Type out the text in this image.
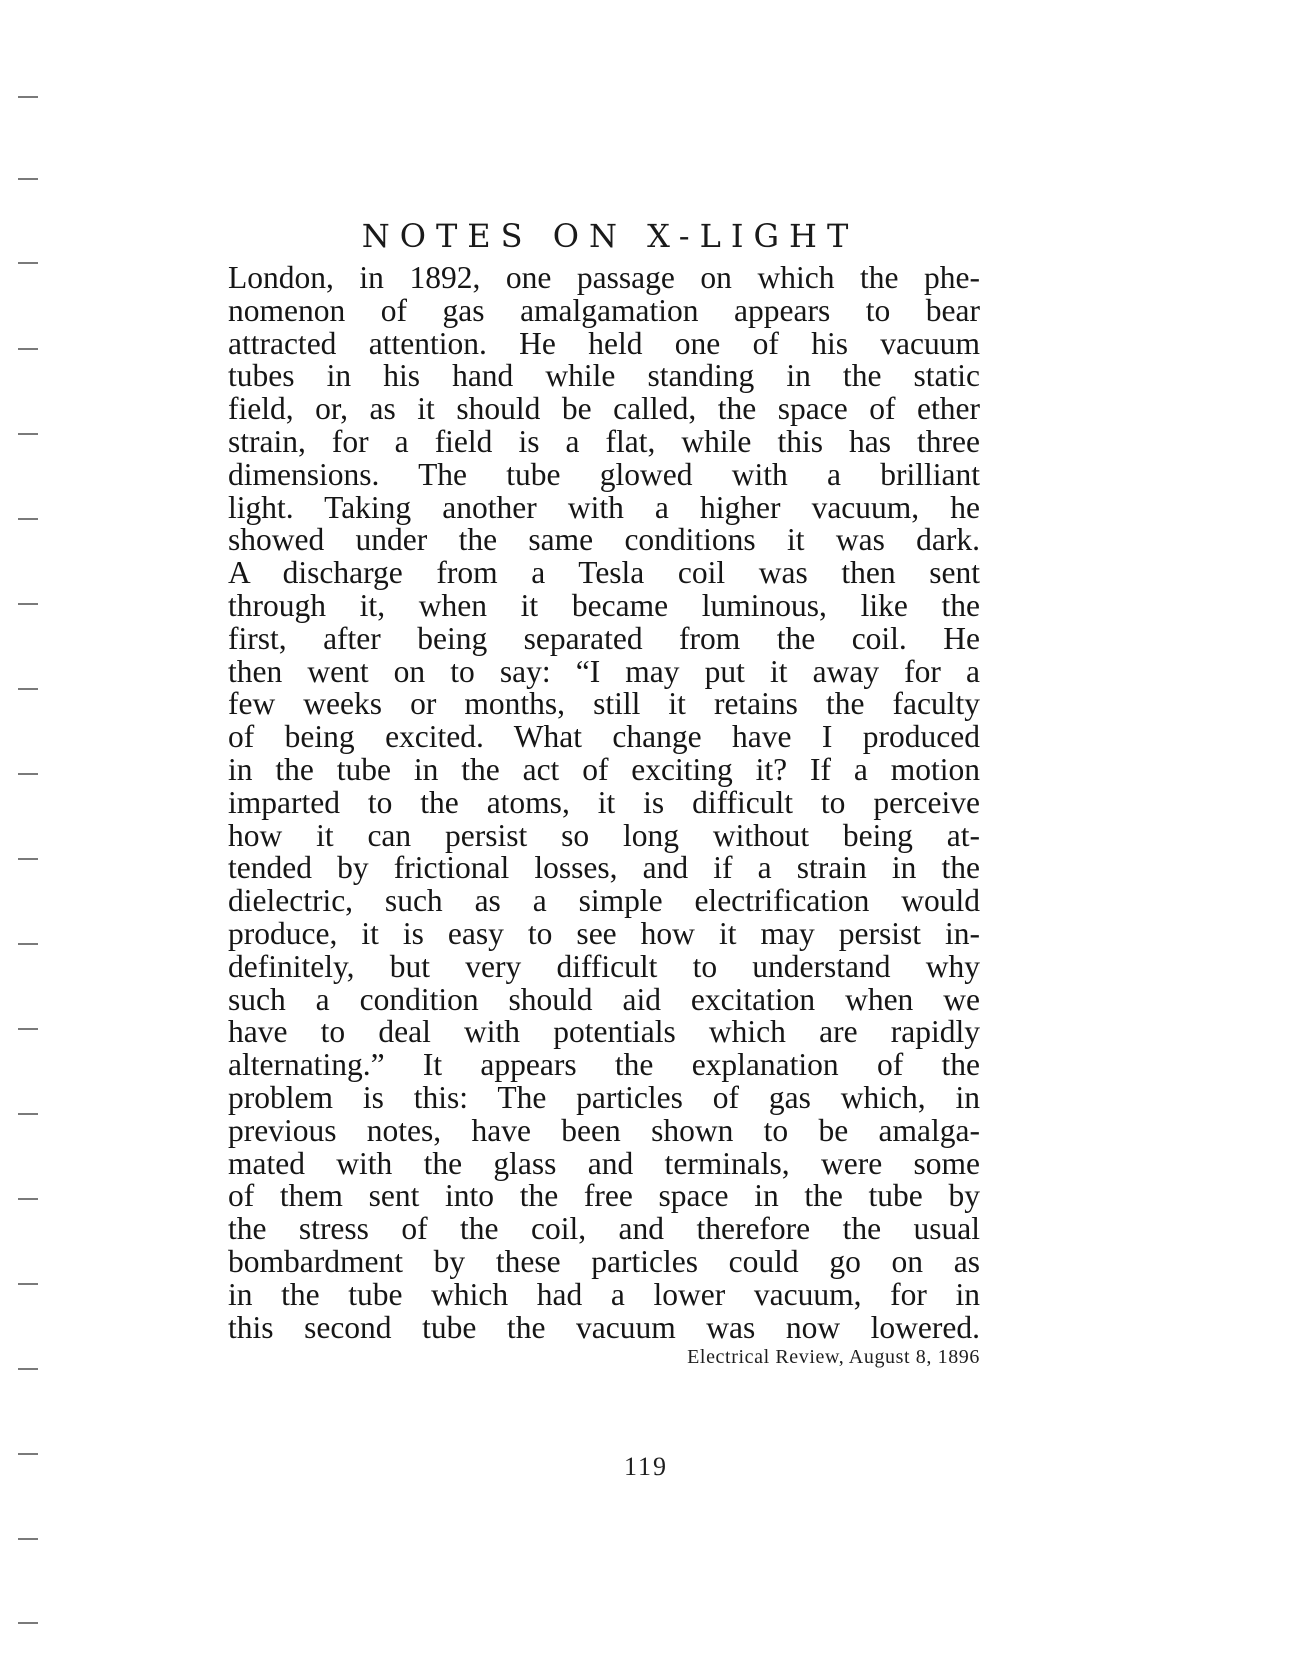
NOTES ON X-LIGHT
London, in 1892, one passage on which the phe-
nomenon of gas amalgamation appears to bear
attracted attention. He held one of his vacuum
tubes in his hand while standing in the static
field, or, as it should be called, the space of ether
strain, for a field is a flat, while this has three
dimensions. The tube glowed with a brilliant
light. Taking another with a higher vacuum, he
showed under the same conditions it was dark.
A discharge from a Tesla coil was then sent
through it, when it became luminous, like the
first, after being separated from the coil. He
then went on to say: “I may put it away for a
few weeks or months, still it retains the faculty
of being excited. What change have I produced
in the tube in the act of exciting it? If a motion
imparted to the atoms, it is difficult to perceive
how it can persist so long without being at-
tended by frictional losses, and if a strain in the
dielectric, such as a simple electrification would
produce, it is easy to see how it may persist in-
definitely, but very difficult to understand why
such a condition should aid excitation when we
have to deal with potentials which are rapidly
alternating.” It appears the explanation of the
problem is this: The particles of gas which, in
previous notes, have been shown to be amalga-
mated with the glass and terminals, were some
of them sent into the free space in the tube by
the stress of the coil, and therefore the usual
bombardment by these particles could go on as
in the tube which had a lower vacuum, for in
this second tube the vacuum was now lowered.
Electrical Review, August 8, 1896
119
